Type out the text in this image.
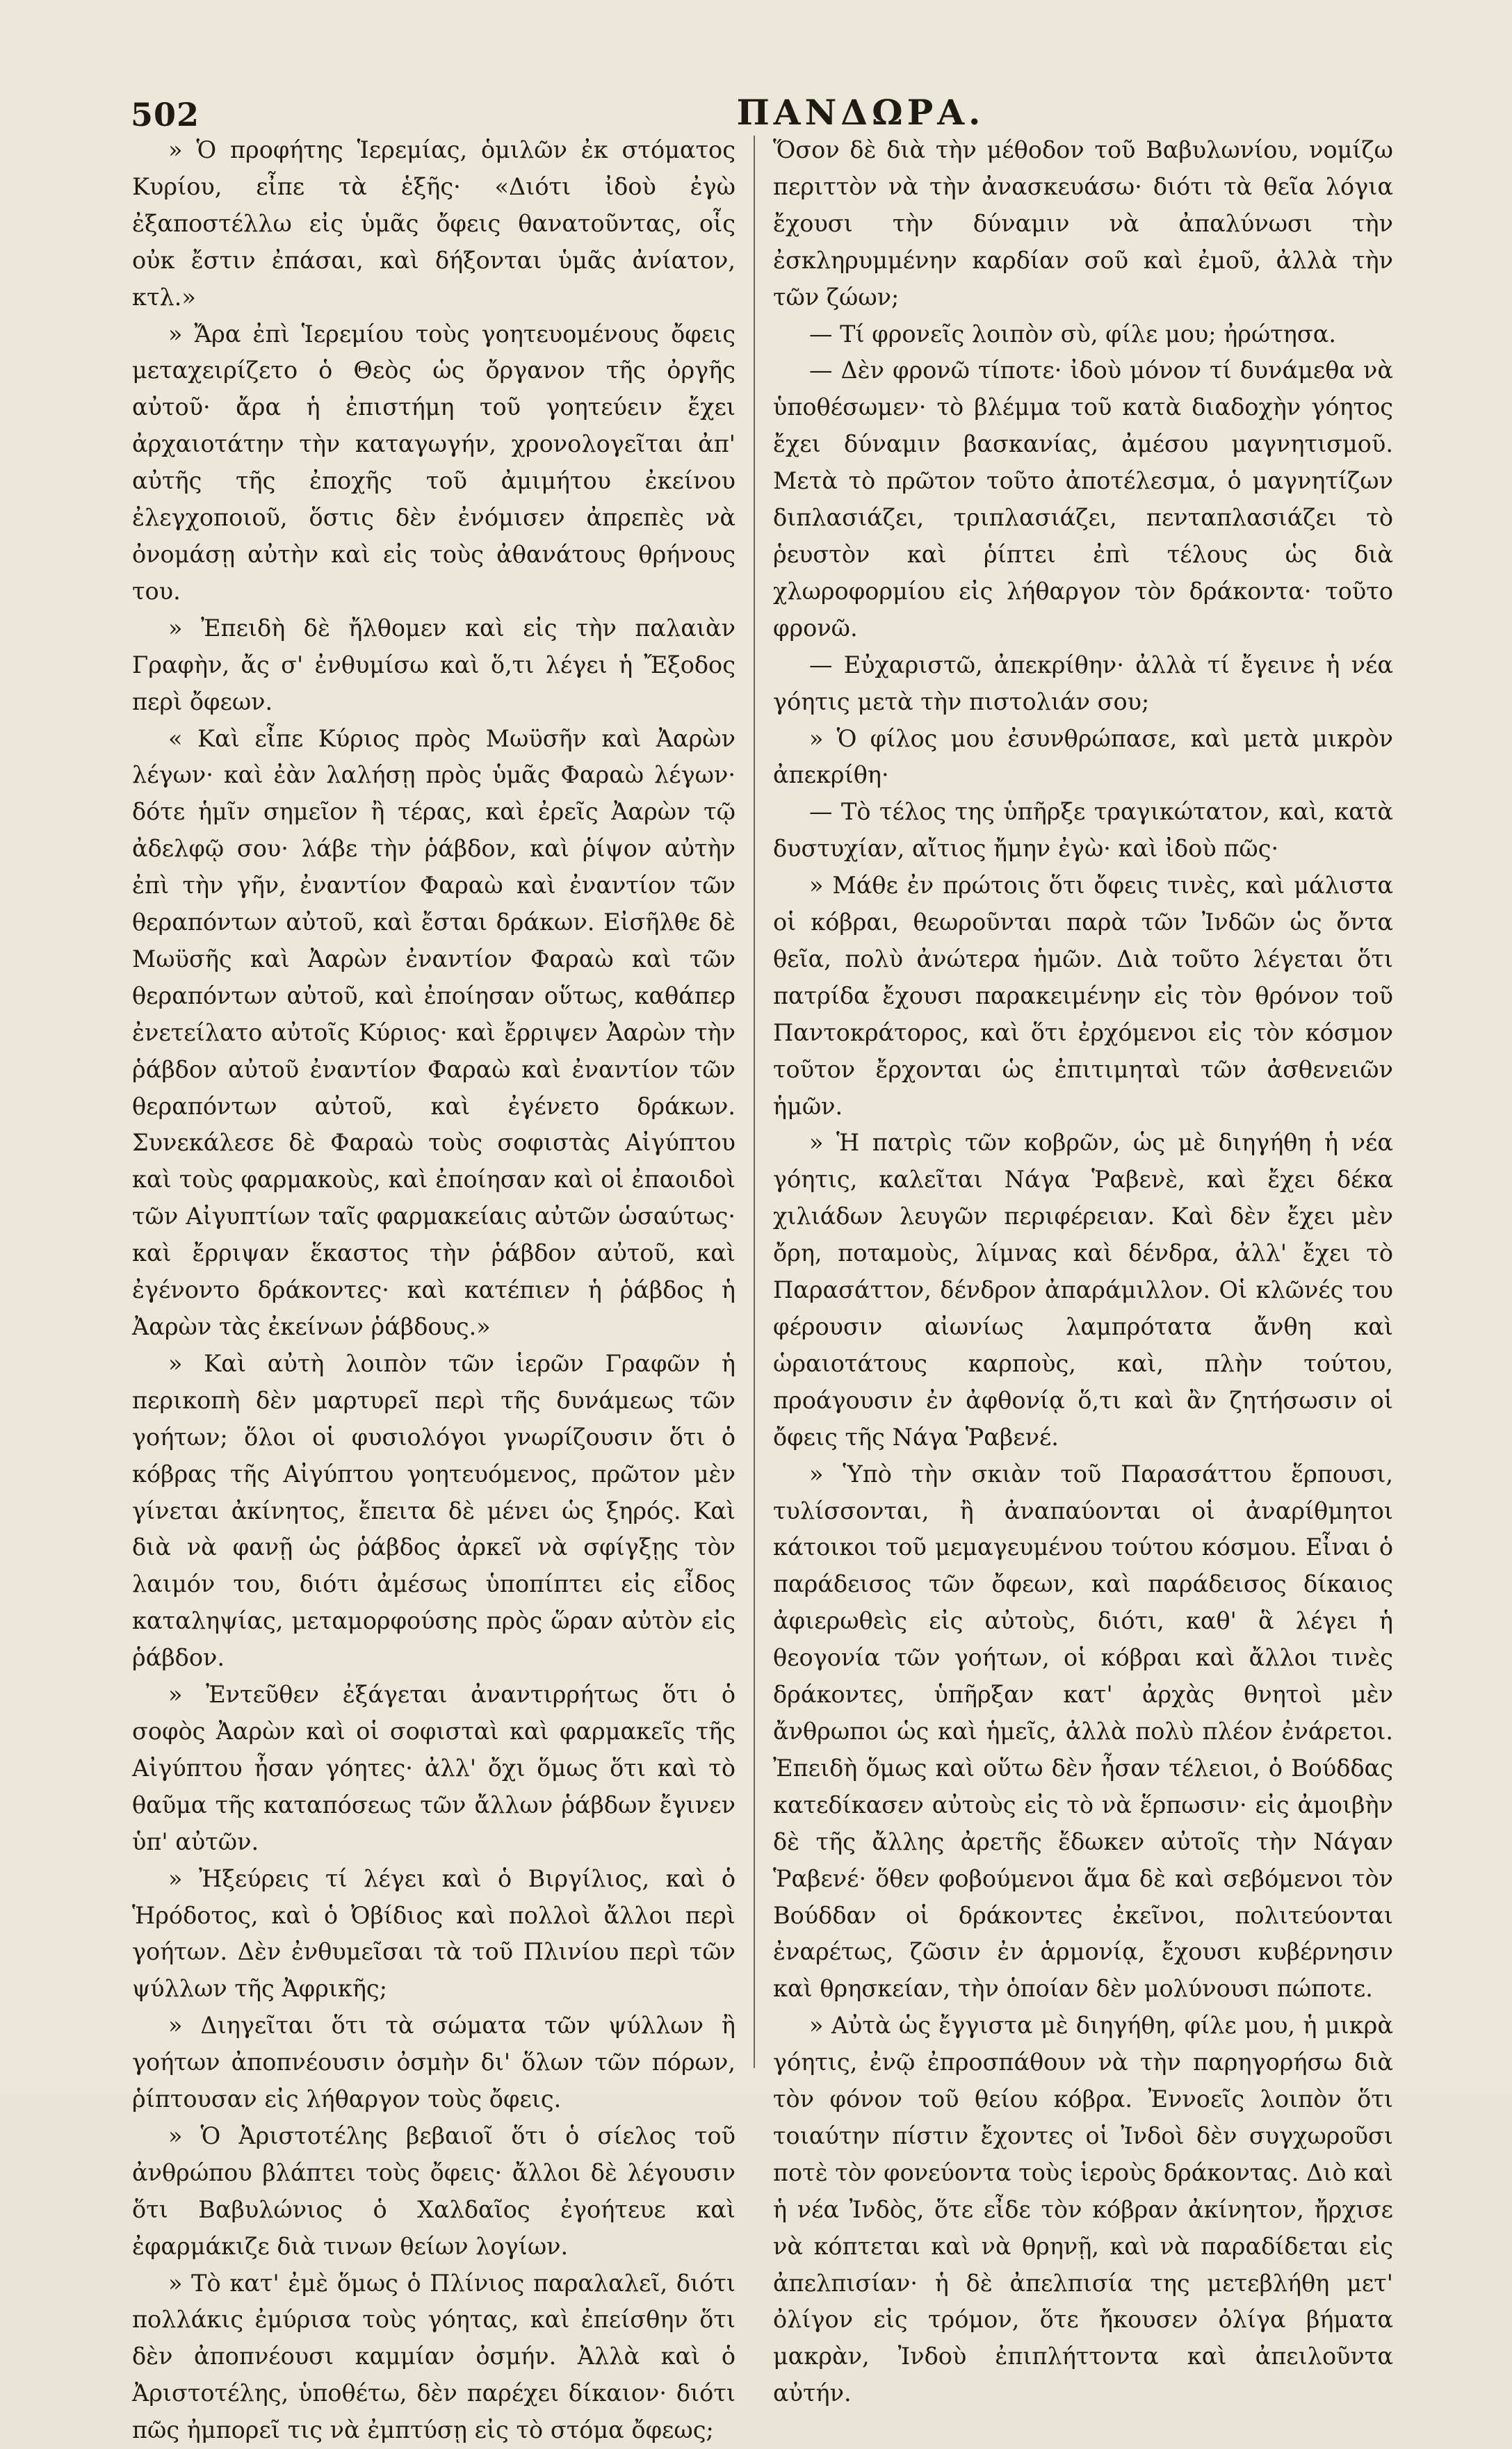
502	ΠΑΝΔΩΡΑ.

» Ὁ προφήτης Ἱερεμίας, ὁμιλῶν ἐκ στόματος Κυρίου, εἶπε τὰ ἑξῆς· «Διότι ἰδοὺ ἐγὼ ἐξαποστέλλω εἰς ὑμᾶς ὄφεις θανατοῦντας, οἷς οὐκ ἔστιν ἐπάσαι, καὶ δήξονται ὑμᾶς ἀνίατον, κτλ.»

» Ἄρα ἐπὶ Ἱερεμίου τοὺς γοητευομένους ὄφεις μεταχειρίζετο ὁ Θεὸς ὡς ὄργανον τῆς ὀργῆς αὐτοῦ· ἄρα ἡ ἐπιστήμη τοῦ γοητεύειν ἔχει ἀρχαιοτάτην τὴν καταγωγήν, χρονολογεῖται ἀπ' αὐτῆς τῆς ἐποχῆς τοῦ ἀμιμήτου ἐκείνου ἐλεγχοποιοῦ, ὅστις δὲν ἐνόμισεν ἀπρεπὲς νὰ ὀνομάσῃ αὐτὴν καὶ εἰς τοὺς ἀθανάτους θρήνους του.

» Ἐπειδὴ δὲ ἤλθομεν καὶ εἰς τὴν παλαιὰν Γραφὴν, ἄς σ' ἐνθυμίσω καὶ ὅ,τι λέγει ἡ Ἔξοδος περὶ ὄφεων.

« Καὶ εἶπε Κύριος πρὸς Μωϋσῆν καὶ Ἀαρὼν λέγων· καὶ ἐὰν λαλήσῃ πρὸς ὑμᾶς Φαραὼ λέγων· δότε ἡμῖν σημεῖον ἢ τέρας, καὶ ἐρεῖς Ἀαρὼν τῷ ἀδελφῷ σου· λάβε τὴν ῥάβδον, καὶ ῥίψον αὐτὴν ἐπὶ τὴν γῆν, ἐναντίον Φαραὼ καὶ ἐναντίον τῶν θεραπόντων αὐτοῦ, καὶ ἔσται δράκων. Εἰσῆλθε δὲ Μωϋσῆς καὶ Ἀαρὼν ἐναντίον Φαραὼ καὶ τῶν θεραπόντων αὐτοῦ, καὶ ἐποίησαν οὕτως, καθάπερ ἐνετείλατο αὐτοῖς Κύριος· καὶ ἔρριψεν Ἀαρὼν τὴν ῥάβδον αὐτοῦ ἐναντίον Φαραὼ καὶ ἐναντίον τῶν θεραπόντων αὐτοῦ, καὶ ἐγένετο δράκων. Συνεκάλεσε δὲ Φαραὼ τοὺς σοφιστὰς Αἰγύπτου καὶ τοὺς φαρμακοὺς, καὶ ἐποίησαν καὶ οἱ ἐπαοιδοὶ τῶν Αἰγυπτίων ταῖς φαρμακείαις αὐτῶν ὡσαύτως· καὶ ἔρριψαν ἕκαστος τὴν ῥάβδον αὐτοῦ, καὶ ἐγένοντο δράκοντες· καὶ κατέπιεν ἡ ῥάβδος ἡ Ἀαρὼν τὰς ἐκείνων ῥάβδους.»

» Καὶ αὐτὴ λοιπὸν τῶν ἱερῶν Γραφῶν ἡ περικοπὴ δὲν μαρτυρεῖ περὶ τῆς δυνάμεως τῶν γοήτων; ὅλοι οἱ φυσιολόγοι γνωρίζουσιν ὅτι ὁ κόβρας τῆς Αἰγύπτου γοητευόμενος, πρῶτον μὲν γίνεται ἀκίνητος, ἔπειτα δὲ μένει ὡς ξηρός. Καὶ διὰ νὰ φανῇ ὡς ῥάβδος ἀρκεῖ νὰ σφίγξῃς τὸν λαιμόν του, διότι ἀμέσως ὑποπίπτει εἰς εἶδος καταληψίας, μεταμορφούσης πρὸς ὥραν αὐτὸν εἰς ῥάβδον.

» Ἐντεῦθεν ἐξάγεται ἀναντιρρήτως ὅτι ὁ σοφὸς Ἀαρὼν καὶ οἱ σοφισταὶ καὶ φαρμακεῖς τῆς Αἰγύπτου ἦσαν γόητες· ἀλλ' ὄχι ὅμως ὅτι καὶ τὸ θαῦμα τῆς καταπόσεως τῶν ἄλλων ῥάβδων ἔγινεν ὑπ' αὐτῶν.

» Ἠξεύρεις τί λέγει καὶ ὁ Βιργίλιος, καὶ ὁ Ἡρόδοτος, καὶ ὁ Ὀβίδιος καὶ πολλοὶ ἄλλοι περὶ γοήτων. Δὲν ἐνθυμεῖσαι τὰ τοῦ Πλινίου περὶ τῶν ψύλλων τῆς Ἀφρικῆς;

» Διηγεῖται ὅτι τὰ σώματα τῶν ψύλλων ἢ γοήτων ἀποπνέουσιν ὀσμὴν δι' ὅλων τῶν πόρων, ῥίπτουσαν εἰς λήθαργον τοὺς ὄφεις.

» Ὁ Ἀριστοτέλης βεβαιοῖ ὅτι ὁ σίελος τοῦ ἀνθρώπου βλάπτει τοὺς ὄφεις· ἄλλοι δὲ λέγουσιν ὅτι Βαβυλώνιος ὁ Χαλδαῖος ἐγοήτευε καὶ ἐφαρμάκιζε διὰ τινων θείων λογίων.

» Τὸ κατ' ἐμὲ ὅμως ὁ Πλίνιος παραλαλεῖ, διότι πολλάκις ἐμύρισα τοὺς γόητας, καὶ ἐπείσθην ὅτι δὲν ἀποπνέουσι καμμίαν ὀσμήν. Ἀλλὰ καὶ ὁ Ἀριστοτέλης, ὑποθέτω, δὲν παρέχει δίκαιον· διότι πῶς ἠμπορεῖ τις νὰ ἐμπτύσῃ εἰς τὸ στόμα ὄφεως;

Ὅσον δὲ διὰ τὴν μέθοδον τοῦ Βαβυλωνίου, νομίζω περιττὸν νὰ τὴν ἀνασκευάσω· διότι τὰ θεῖα λόγια ἔχουσι τὴν δύναμιν νὰ ἀπαλύνωσι τὴν ἐσκληρυμμένην καρδίαν σοῦ καὶ ἐμοῦ, ἀλλὰ τὴν τῶν ζώων;

— Τί φρονεῖς λοιπὸν σὺ, φίλε μου; ἠρώτησα.

— Δὲν φρονῶ τίποτε· ἰδοὺ μόνον τί δυνάμεθα νὰ ὑποθέσωμεν· τὸ βλέμμα τοῦ κατὰ διαδοχὴν γόητος ἔχει δύναμιν βασκανίας, ἀμέσου μαγνητισμοῦ. Μετὰ τὸ πρῶτον τοῦτο ἀποτέλεσμα, ὁ μαγνητίζων διπλασιάζει, τριπλασιάζει, πενταπλασιάζει τὸ ῥευστὸν καὶ ῥίπτει ἐπὶ τέλους ὡς διὰ χλωροφορμίου εἰς λήθαργον τὸν δράκοντα· τοῦτο φρονῶ.

— Εὐχαριστῶ, ἀπεκρίθην· ἀλλὰ τί ἔγεινε ἡ νέα γόητις μετὰ τὴν πιστολιάν σου;

» Ὁ φίλος μου ἐσυνθρώπασε, καὶ μετὰ μικρὸν ἀπεκρίθη·

— Τὸ τέλος της ὑπῆρξε τραγικώτατον, καὶ, κατὰ δυστυχίαν, αἴτιος ἤμην ἐγὼ· καὶ ἰδοὺ πῶς·

» Μάθε ἐν πρώτοις ὅτι ὄφεις τινὲς, καὶ μάλιστα οἱ κόβραι, θεωροῦνται παρὰ τῶν Ἰνδῶν ὡς ὄντα θεῖα, πολὺ ἀνώτερα ἡμῶν. Διὰ τοῦτο λέγεται ὅτι πατρίδα ἔχουσι παρακειμένην εἰς τὸν θρόνον τοῦ Παντοκράτορος, καὶ ὅτι ἐρχόμενοι εἰς τὸν κόσμον τοῦτον ἔρχονται ὡς ἐπιτιμηταὶ τῶν ἀσθενειῶν ἡμῶν.

» Ἡ πατρὶς τῶν κοβρῶν, ὡς μὲ διηγήθη ἡ νέα γόητις, καλεῖται Νάγα Ῥαβενὲ, καὶ ἔχει δέκα χιλιάδων λευγῶν περιφέρειαν. Καὶ δὲν ἔχει μὲν ὄρη, ποταμοὺς, λίμνας καὶ δένδρα, ἀλλ' ἔχει τὸ Παρασάττον, δένδρον ἀπαράμιλλον. Οἱ κλῶνές του φέρουσιν αἰωνίως λαμπρότατα ἄνθη καὶ ὡραιοτάτους καρποὺς, καὶ, πλὴν τούτου, προάγουσιν ἐν ἀφθονίᾳ ὅ,τι καὶ ἂν ζητήσωσιν οἱ ὄφεις τῆς Νάγα Ῥαβενέ.

» Ὑπὸ τὴν σκιὰν τοῦ Παρασάττου ἕρπουσι, τυλίσσονται, ἢ ἀναπαύονται οἱ ἀναρίθμητοι κάτοικοι τοῦ μεμαγευμένου τούτου κόσμου. Εἶναι ὁ παράδεισος τῶν ὄφεων, καὶ παράδεισος δίκαιος ἀφιερωθεὶς εἰς αὐτοὺς, διότι, καθ' ἃ λέγει ἡ θεογονία τῶν γοήτων, οἱ κόβραι καὶ ἄλλοι τινὲς δράκοντες, ὑπῆρξαν κατ' ἀρχὰς θνητοὶ μὲν ἄνθρωποι ὡς καὶ ἡμεῖς, ἀλλὰ πολὺ πλέον ἐνάρετοι. Ἐπειδὴ ὅμως καὶ οὕτω δὲν ἦσαν τέλειοι, ὁ Βούδδας κατεδίκασεν αὐτοὺς εἰς τὸ νὰ ἕρπωσιν· εἰς ἀμοιβὴν δὲ τῆς ἄλλης ἀρετῆς ἔδωκεν αὐτοῖς τὴν Νάγαν Ῥαβενέ· ὅθεν φοβούμενοι ἅμα δὲ καὶ σεβόμενοι τὸν Βούδδαν οἱ δράκοντες ἐκεῖνοι, πολιτεύονται ἐναρέτως, ζῶσιν ἐν ἁρμονίᾳ, ἔχουσι κυβέρνησιν καὶ θρησκείαν, τὴν ὁποίαν δὲν μολύνουσι πώποτε.

» Αὐτὰ ὡς ἔγγιστα μὲ διηγήθη, φίλε μου, ἡ μικρὰ γόητις, ἐνῷ ἐπροσπάθουν νὰ τὴν παρηγορήσω διὰ τὸν φόνον τοῦ θείου κόβρα. Ἐννοεῖς λοιπὸν ὅτι τοιαύτην πίστιν ἔχοντες οἱ Ἰνδοὶ δὲν συγχωροῦσι ποτὲ τὸν φονεύοντα τοὺς ἱεροὺς δράκοντας. Διὸ καὶ ἡ νέα Ἰνδὸς, ὅτε εἶδε τὸν κόβραν ἀκίνητον, ἤρχισε νὰ κόπτεται καὶ νὰ θρηνῇ, καὶ νὰ παραδίδεται εἰς ἀπελπισίαν· ἡ δὲ ἀπελπισία της μετεβλήθη μετ' ὀλίγον εἰς τρόμον, ὅτε ἤκουσεν ὀλίγα βήματα μακρὰν, Ἰνδοὺ ἐπιπλήττοντα καὶ ἀπειλοῦντα αὐτήν.
